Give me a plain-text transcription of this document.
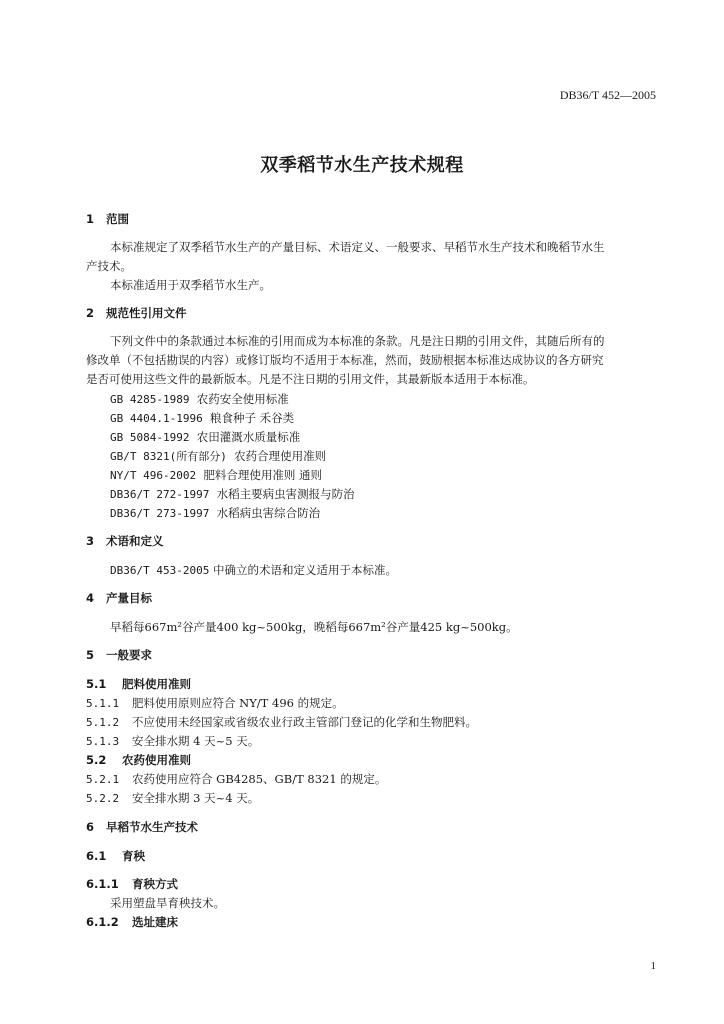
DB36/T 452—2005
双季稻节水生产技术规程
1 范围
本标准规定了双季稻节水生产的产量目标、术语定义、一般要求、早稻节水生产技术和晚稻节水生
产技术。
本标准适用于双季稻节水生产。
2 规范性引用文件
下列文件中的条款通过本标准的引用而成为本标准的条款。凡是注日期的引用文件，其随后所有的
修改单（不包括勘误的内容）或修订版均不适用于本标准，然而，鼓励根据本标准达成协议的各方研究
是否可使用这些文件的最新版本。凡是不注日期的引用文件，其最新版本适用于本标准。
GB 4285-1989 农药安全使用标准
GB 4404.1-1996 粮食种子 禾谷类
GB 5084-1992 农田灌溉水质量标准
GB/T 8321(所有部分) 农药合理使用准则
NY/T 496-2002 肥料合理使用准则 通则
DB36/T 272-1997 水稻主要病虫害测报与防治
DB36/T 273-1997 水稻病虫害综合防治
3 术语和定义
DB36/T 453-2005 中确立的术语和定义适用于本标准。
4 产量目标
早稻每667m²谷产量400 kg~500kg，晚稻每667m²谷产量425 kg~500kg。
5 一般要求
5.1 肥料使用准则
5.1.1 肥料使用原则应符合 NY/T 496 的规定。
5.1.2 不应使用未经国家或省级农业行政主管部门登记的化学和生物肥料。
5.1.3 安全排水期 4 天~5 天。
5.2 农药使用准则
5.2.1 农药使用应符合 GB4285、GB/T 8321 的规定。
5.2.2 安全排水期 3 天~4 天。
6 早稻节水生产技术
6.1 育秧
6.1.1 育秧方式
采用塑盘旱育秧技术。
6.1.2 选址建床
1
